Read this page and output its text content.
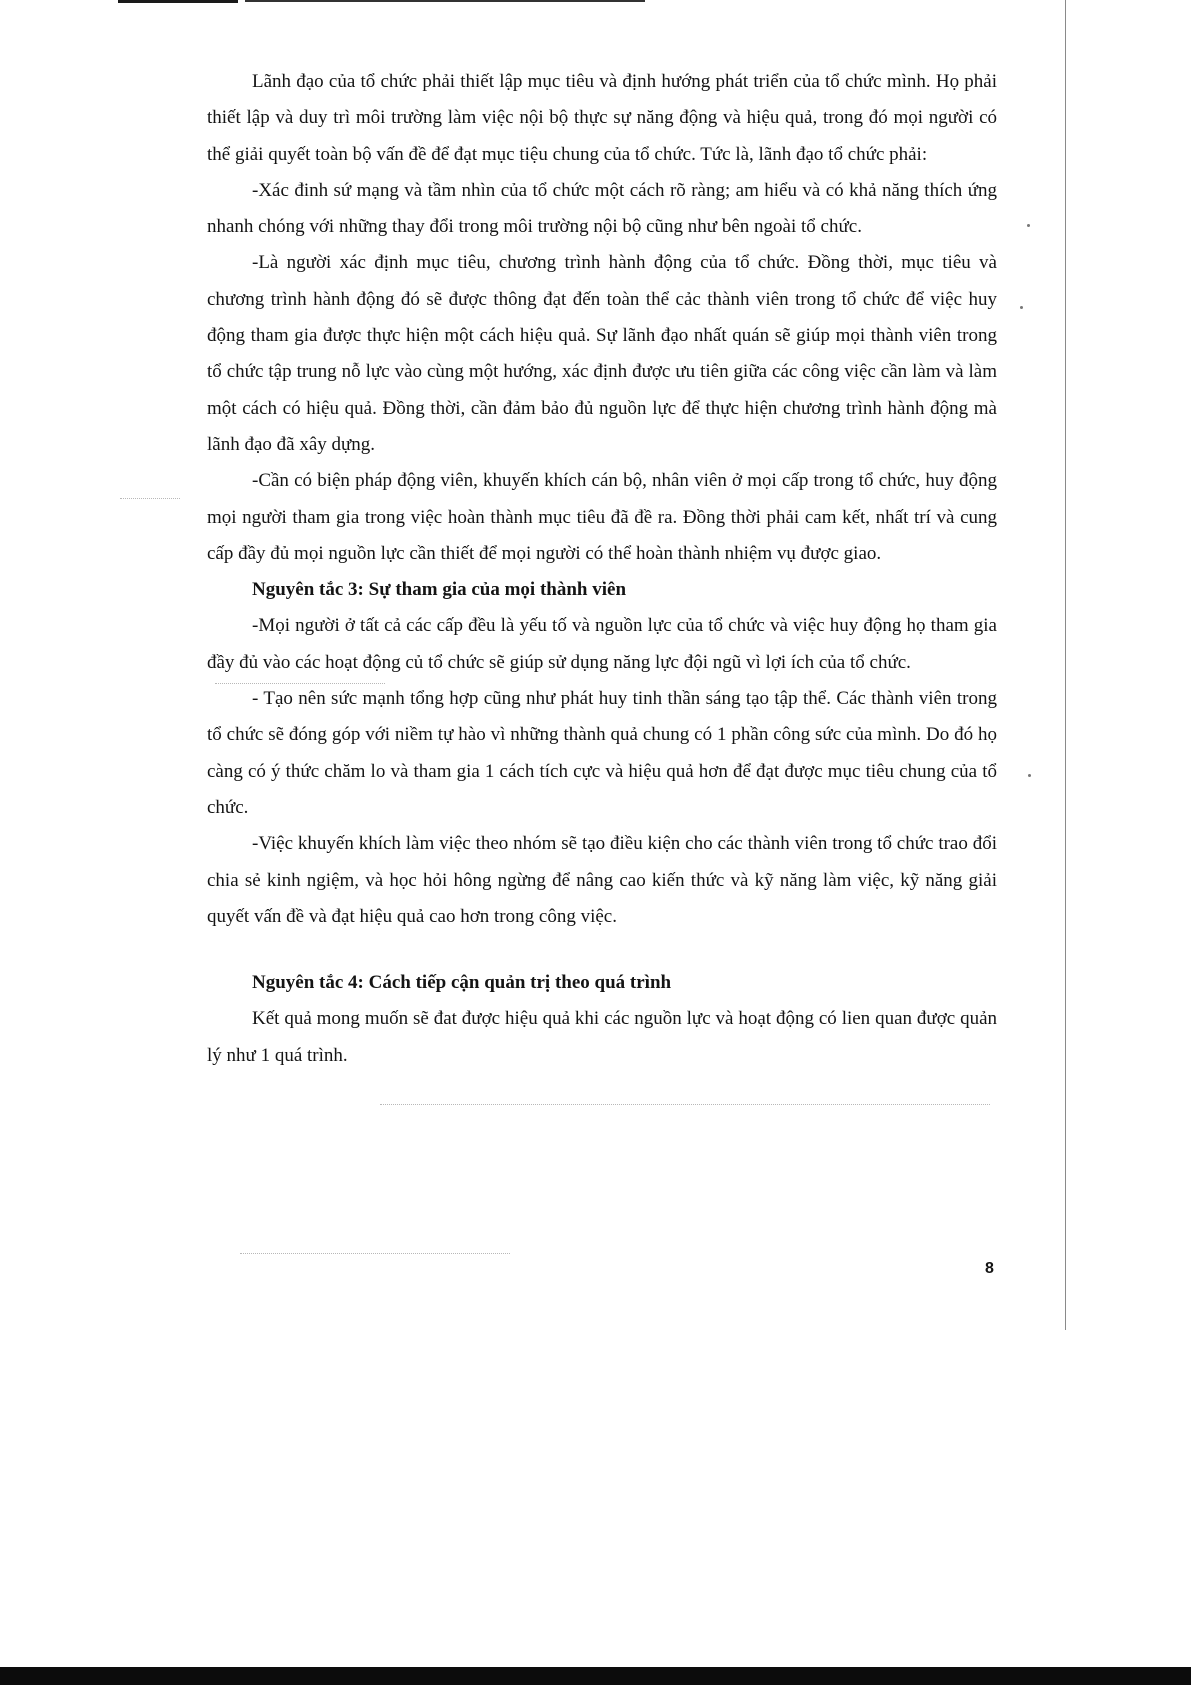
Lãnh đạo của tổ chức phải thiết lập mục tiêu và định hướng phát triển của tổ chức mình. Họ phải thiết lập và duy trì môi trường làm việc nội bộ thực sự năng động và hiệu quả, trong đó mọi người có thể giải quyết toàn bộ vấn đề để đạt mục tiệu chung của tổ chức. Tức là, lãnh đạo tổ chức phải:

-Xác đinh sứ mạng và tầm nhìn của tổ chức một cách rõ ràng; am hiểu và có khả năng thích ứng nhanh chóng với những thay đổi trong môi trường nội bộ cũng như bên ngoài tổ chức.

-Là người xác định mục tiêu, chương trình hành động của tổ chức. Đồng thời, mục tiêu và chương trình hành động đó sẽ được thông đạt đến toàn thể cảc thành viên trong tổ chức để việc huy động tham gia được thực hiện một cách hiệu quả. Sự lãnh đạo nhất quán sẽ giúp mọi thành viên trong tổ chức tập trung nỗ lực vào cùng một hướng, xác định được ưu tiên giữa các công việc cần làm và làm một cách có hiệu quả. Đồng thời, cần đảm bảo đủ nguồn lực để thực hiện chương trình hành động mà lãnh đạo đã xây dựng.

-Cần có biện pháp động viên, khuyến khích cán bộ, nhân viên ở mọi cấp trong tổ chức, huy động mọi người tham gia trong việc hoàn thành mục tiêu đã đề ra. Đồng thời phải cam kết, nhất trí và cung cấp đầy đủ mọi nguồn lực cần thiết để mọi người có thể hoàn thành nhiệm vụ được giao.

Nguyên tắc 3: Sự tham gia của mọi thành viên

-Mọi người ở tất cả các cấp đều là yếu tố và nguồn lực của tổ chức và việc huy động họ tham gia đầy đủ vào các hoạt động củ tổ chức sẽ giúp sử dụng năng lực đội ngũ vì lợi ích của tổ chức.

- Tạo nên sức mạnh tổng hợp cũng như phát huy tinh thần sáng tạo tập thể. Các thành viên trong tổ chức sẽ đóng góp với niềm tự hào vì những thành quả chung có 1 phần công sức của mình. Do đó họ càng có ý thức chăm lo và tham gia 1 cách tích cực và hiệu quả hơn để đạt được mục tiêu chung của tổ chức.

-Việc khuyến khích làm việc theo nhóm sẽ tạo điều kiện cho các thành viên trong tổ chức trao đổi chia sẻ kinh ngiệm, và học hỏi hông ngừng để nâng cao kiến thức và kỹ năng làm việc, kỹ năng giải quyết vấn đề và đạt hiệu quả cao hơn trong công việc.

Nguyên tắc 4: Cách tiếp cận quản trị theo quá trình

Kết quả mong muốn sẽ đat được hiệu quả khi các nguồn lực và hoạt động có lien quan được quản lý như 1 quá trình.

8
